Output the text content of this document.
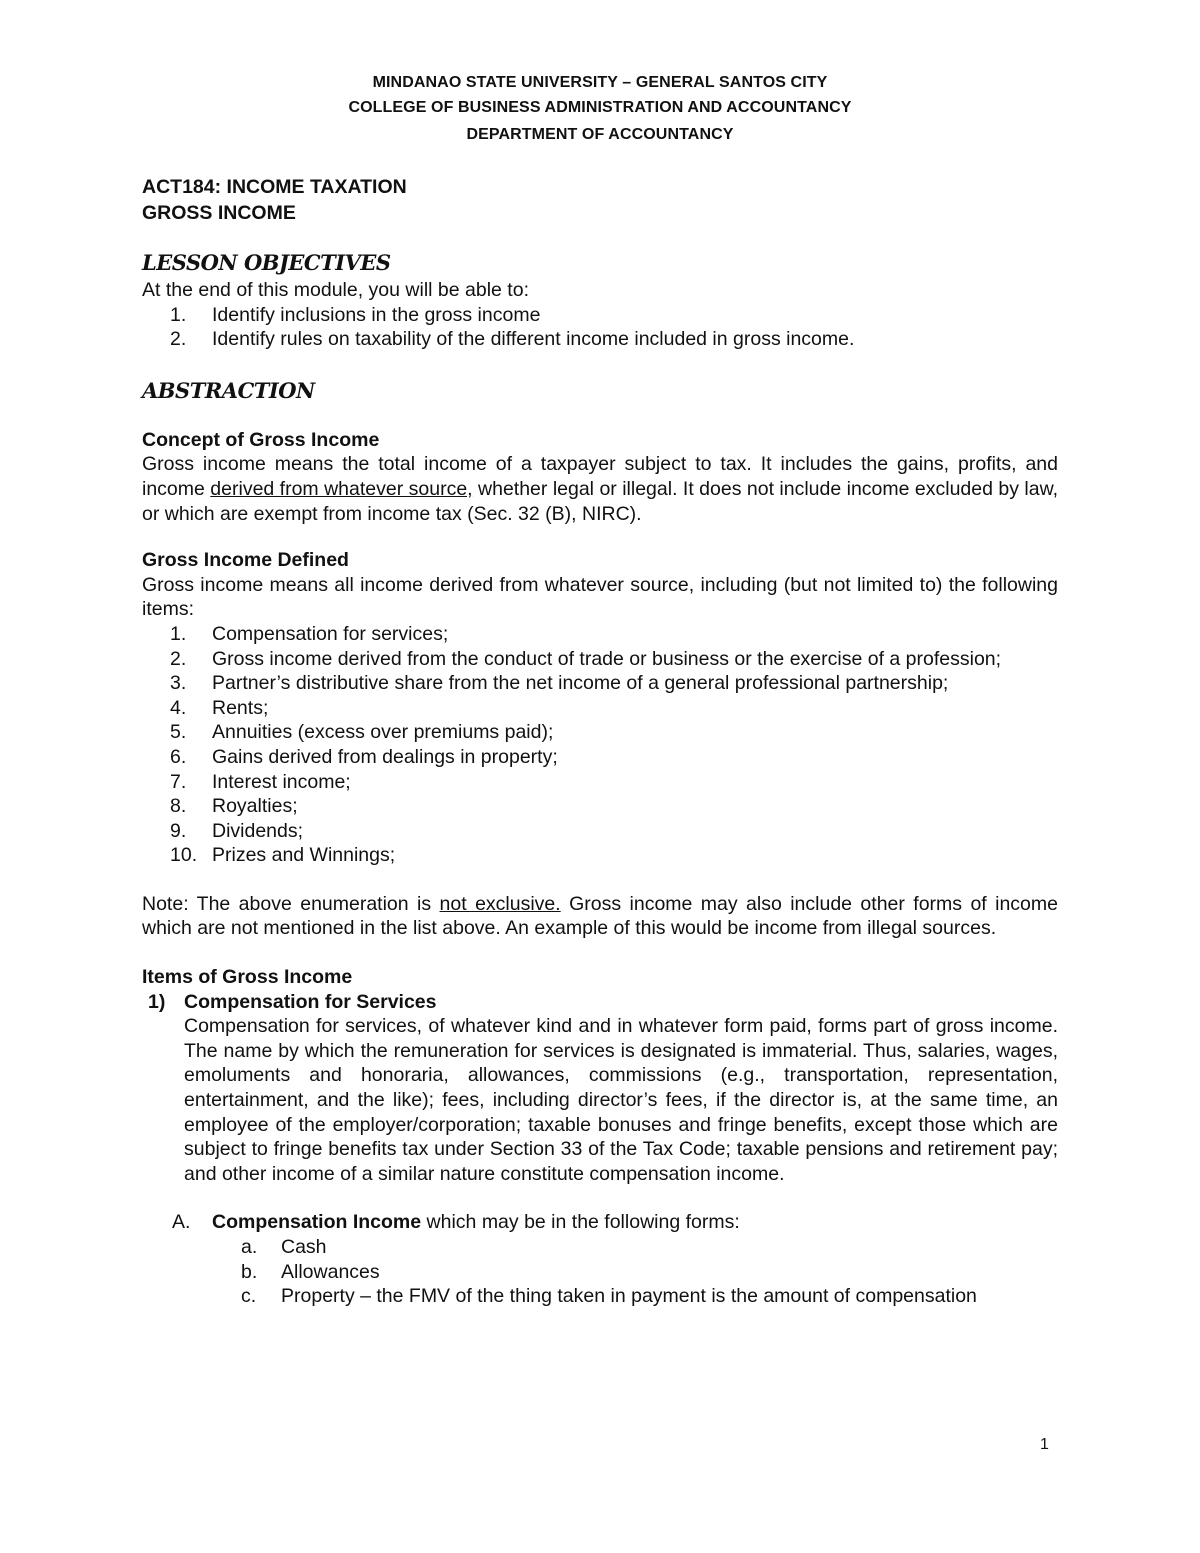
MINDANAO STATE UNIVERSITY – GENERAL SANTOS CITY
COLLEGE OF BUSINESS ADMINISTRATION AND ACCOUNTANCY
DEPARTMENT OF ACCOUNTANCY
ACT184: INCOME TAXATION
GROSS INCOME
LESSON OBJECTIVES

At the end of this module, you will be able to:

1.	Identify inclusions in the gross income
2.	Identify rules on taxability of the different income included in gross income.
ABSTRACTION
Concept of Gross Income

Gross income means the total income of a taxpayer subject to tax. It includes the gains, profits, and income derived from whatever source, whether legal or illegal. It does not include income excluded by law, or which are exempt from income tax (Sec. 32 (B), NIRC).

Gross Income Defined

Gross income means all income derived from whatever source, including (but not limited to) the following items:

1.	Compensation for services;
2.	Gross income derived from the conduct of trade or business or the exercise of a profession;
3.	Partner’s distributive share from the net income of a general professional partnership;
4.	Rents;
5.	Annuities (excess over premiums paid);
6.	Gains derived from dealings in property;
7.	Interest income;
8.	Royalties;
9.	Dividends;
10. Prizes and Winnings;

Note: The above enumeration is not exclusive. Gross income may also include other forms of income which are not mentioned in the list above. An example of this would be income from illegal sources.

Items of Gross Income
1) Compensation for Services

Compensation for services, of whatever kind and in whatever form paid, forms part of gross income. The name by which the remuneration for services is designated is immaterial. Thus, salaries, wages, emoluments and honoraria, allowances, commissions (e.g., transportation, representation, entertainment, and the like); fees, including director’s fees, if the director is, at the same time, an employee of the employer/corporation; taxable bonuses and fringe benefits, except those which are subject to fringe benefits tax under Section 33 of the Tax Code; taxable pensions and retirement pay; and other income of a similar nature constitute compensation income.

A. Compensation Income which may be in the following forms:
a. Cash
b. Allowances
c. Property – the FMV of the thing taken in payment is the amount of compensation
1
